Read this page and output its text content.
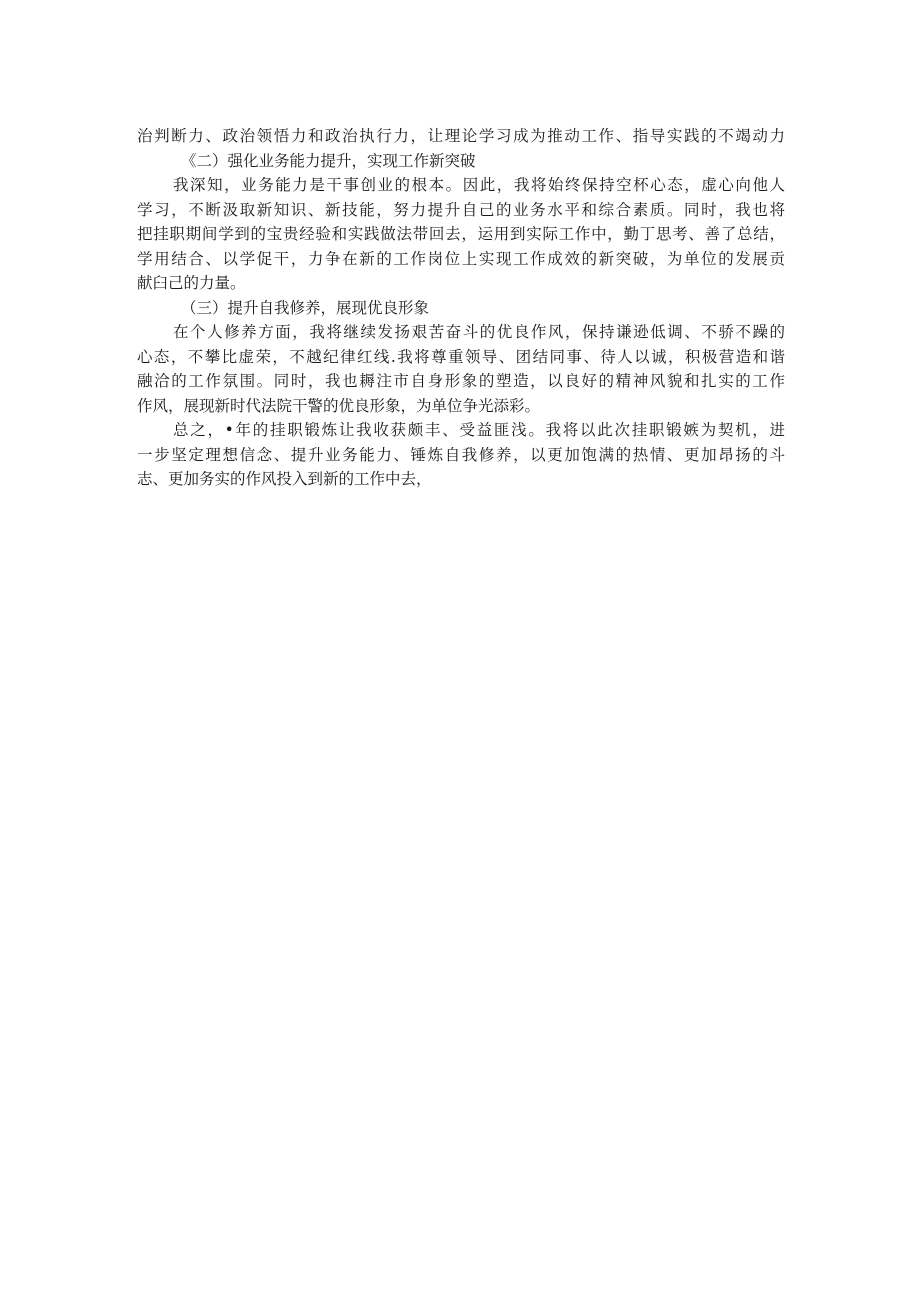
治判断力、政治领悟力和政治执行力，让理论学习成为推动工作、指导实践的不竭动力
《二）强化业务能力提升，实现工作新突破
我深知，业务能力是干事创业的根本。因此，我将始终保持空杯心态，虚心向他人
学习，不断汲取新知识、新技能，努力提升自己的业务水平和综合素质。同时，我也将
把挂职期间学到的宝贵经验和实践做法带回去，运用到实际工作中，勤丁思考、善了总结，
学用结合、以学促干，力争在新的工作岗位上实现工作成效的新突破，为单位的发展贡
献臼己的力量。
（三）提升自我修养，展现优良形象
在个人修养方面，我将继续发扬艰苦奋斗的优良作风，保持谦逊低调、不骄不躁的
心态，不攀比虚荣，不越纪律红线.我将尊重领导、团结同事、待人以诚，积极营造和谐
融洽的工作氛围。同时，我也耨注市自身形象的塑造，以良好的精神风貌和扎实的工作
作风，展现新时代法院干警的优良形象，为单位争光添彩。
总之，•年的挂职锻炼让我收获颇丰、受益匪浅。我将以此次挂职锻嫉为契机，进
一步坚定理想信念、提升业务能力、锤炼自我修养，以更加饱满的热情、更加昂扬的斗
志、更加务实的作风投入到新的工作中去，
